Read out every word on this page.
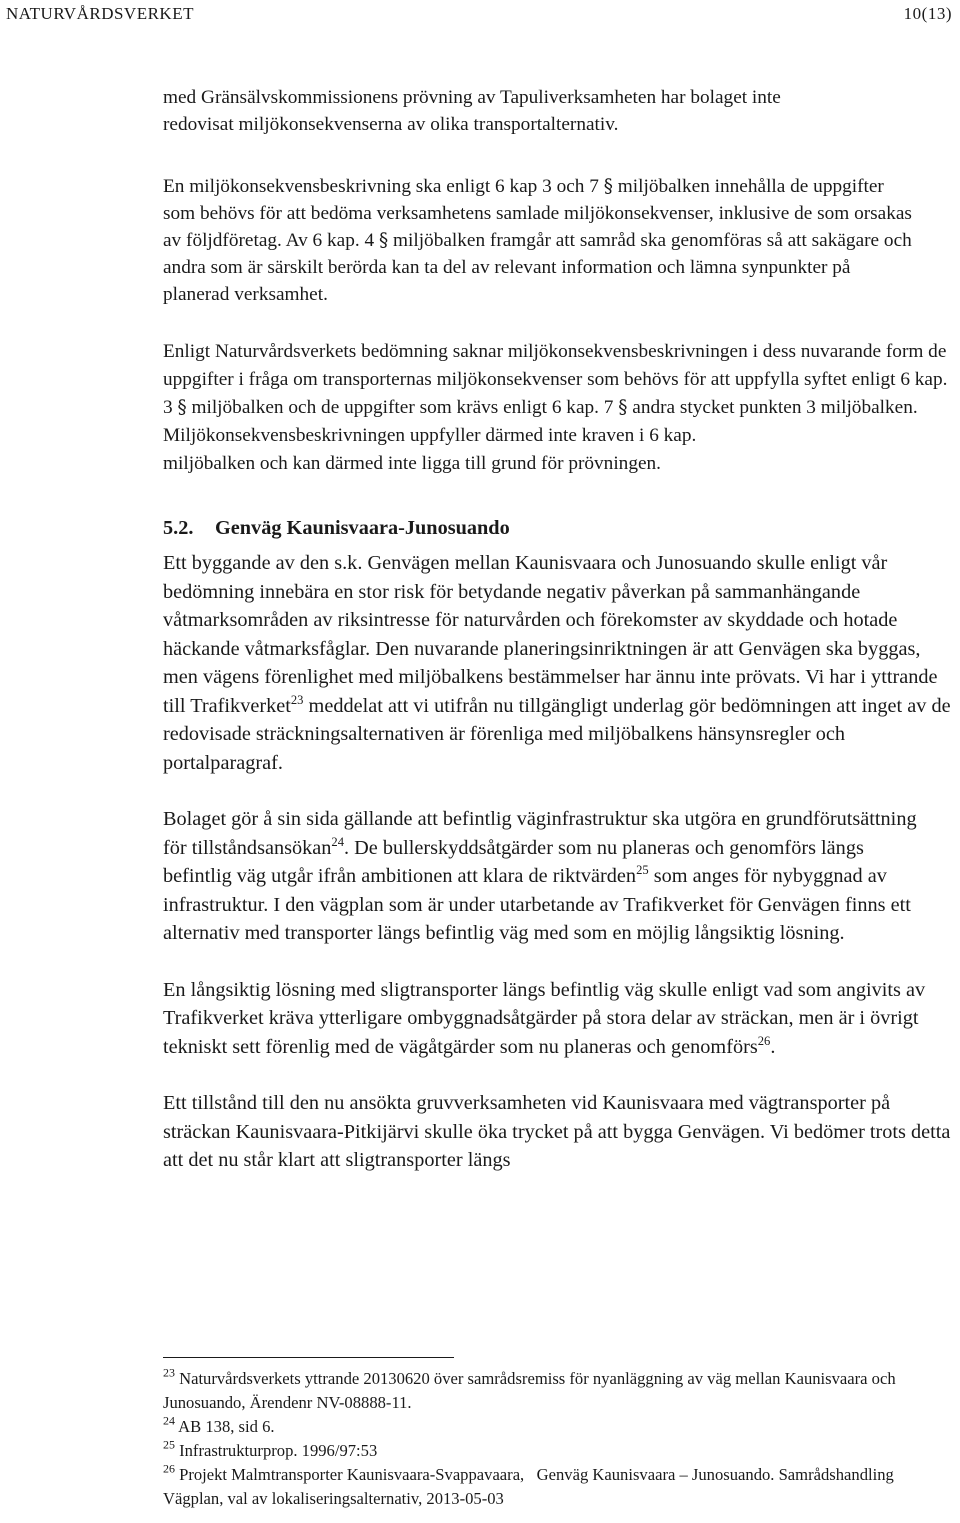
NATURVÅRDSVERKET	10(13)

med Gränsälvskommissionens prövning av Tapuliverksamheten har bolaget inte
redovisat miljökonsekvenserna av olika transportalternativ.

En miljökonsekvensbeskrivning ska enligt 6 kap 3 och 7 § miljöbalken innehålla de uppgifter som behövs för att bedöma verksamhetens samlade miljökonsekvenser, inklusive de som orsakas av följdföretag. Av 6 kap. 4 § miljöbalken framgår att samråd ska genomföras så att sakägare och andra som är särskilt berörda kan ta del av relevant information och lämna synpunkter på planerad verksamhet.

Enligt Naturvårdsverkets bedömning saknar miljökonsekvensbeskrivningen i dess nuvarande form de uppgifter i fråga om transporternas miljökonsekvenser som behövs för att uppfylla syftet enligt 6 kap. 3 § miljöbalken och de uppgifter som krävs enligt 6 kap. 7 § andra stycket punkten 3 miljöbalken.
Miljökonsekvensbeskrivningen uppfyller därmed inte kraven i 6 kap.
miljöbalken och kan därmed inte ligga till grund för prövningen.

5.2. Genväg Kaunisvaara-Junosuando

Ett byggande av den s.k. Genvägen mellan Kaunisvaara och Junosuando skulle enligt vår bedömning innebära en stor risk för betydande negativ påverkan på sammanhängande våtmarksområden av riksintresse för naturvården och förekomster av skyddade och hotade häckande våtmarksfåglar. Den nuvarande planeringsinriktningen är att Genvägen ska byggas, men vägens förenlighet med miljöbalkens bestämmelser har ännu inte prövats. Vi har i yttrande till Trafikverket$^{23}$ meddelat att vi utifrån nu tillgängligt underlag gör bedömningen att inget av de redovisade sträckningsalternativen är förenliga med miljöbalkens hänsynsregler och portalparagraf.

Bolaget gör å sin sida gällande att befintlig väginfrastruktur ska utgöra en grundförutsättning för tillståndsansökan$^{24}$. De bullerskyddsåtgärder som nu planeras och genomförs längs befintlig väg utgår ifrån ambitionen att klara de riktvärden$^{25}$ som anges för nybyggnad av infrastruktur. I den vägplan som är under utarbetande av Trafikverket för Genvägen finns ett alternativ med transporter längs befintlig väg med som en möjlig långsiktig lösning.

En långsiktig lösning med sligtransporter längs befintlig väg skulle enligt vad som angivits av Trafikverket kräva ytterligare ombyggnadsåtgärder på stora delar av sträckan, men är i övrigt tekniskt sett förenlig med de vägåtgärder som nu planeras och genomförs$^{26}$.

Ett tillstånd till den nu ansökta gruvverksamheten vid Kaunisvaara med vägtransporter på sträckan Kaunisvaara-Pitkijärvi skulle öka trycket på att bygga Genvägen. Vi bedömer trots detta att det nu står klart att sligtransporter längs

$^{23}$ Naturvårdsverkets yttrande 20130620 över samrådsremiss för nyanläggning av väg mellan Kaunisvaara och Junosuando, Ärendenr NV-08888-11.
$^{24}$ AB 138, sid 6.
$^{25}$ Infrastrukturprop. 1996/97:53
$^{26}$ Projekt Malmtransporter Kaunisvaara-Svappavaara,   Genväg Kaunisvaara – Junosuando. Samrådshandling Vägplan, val av lokaliseringsalternativ, 2013-05-03
